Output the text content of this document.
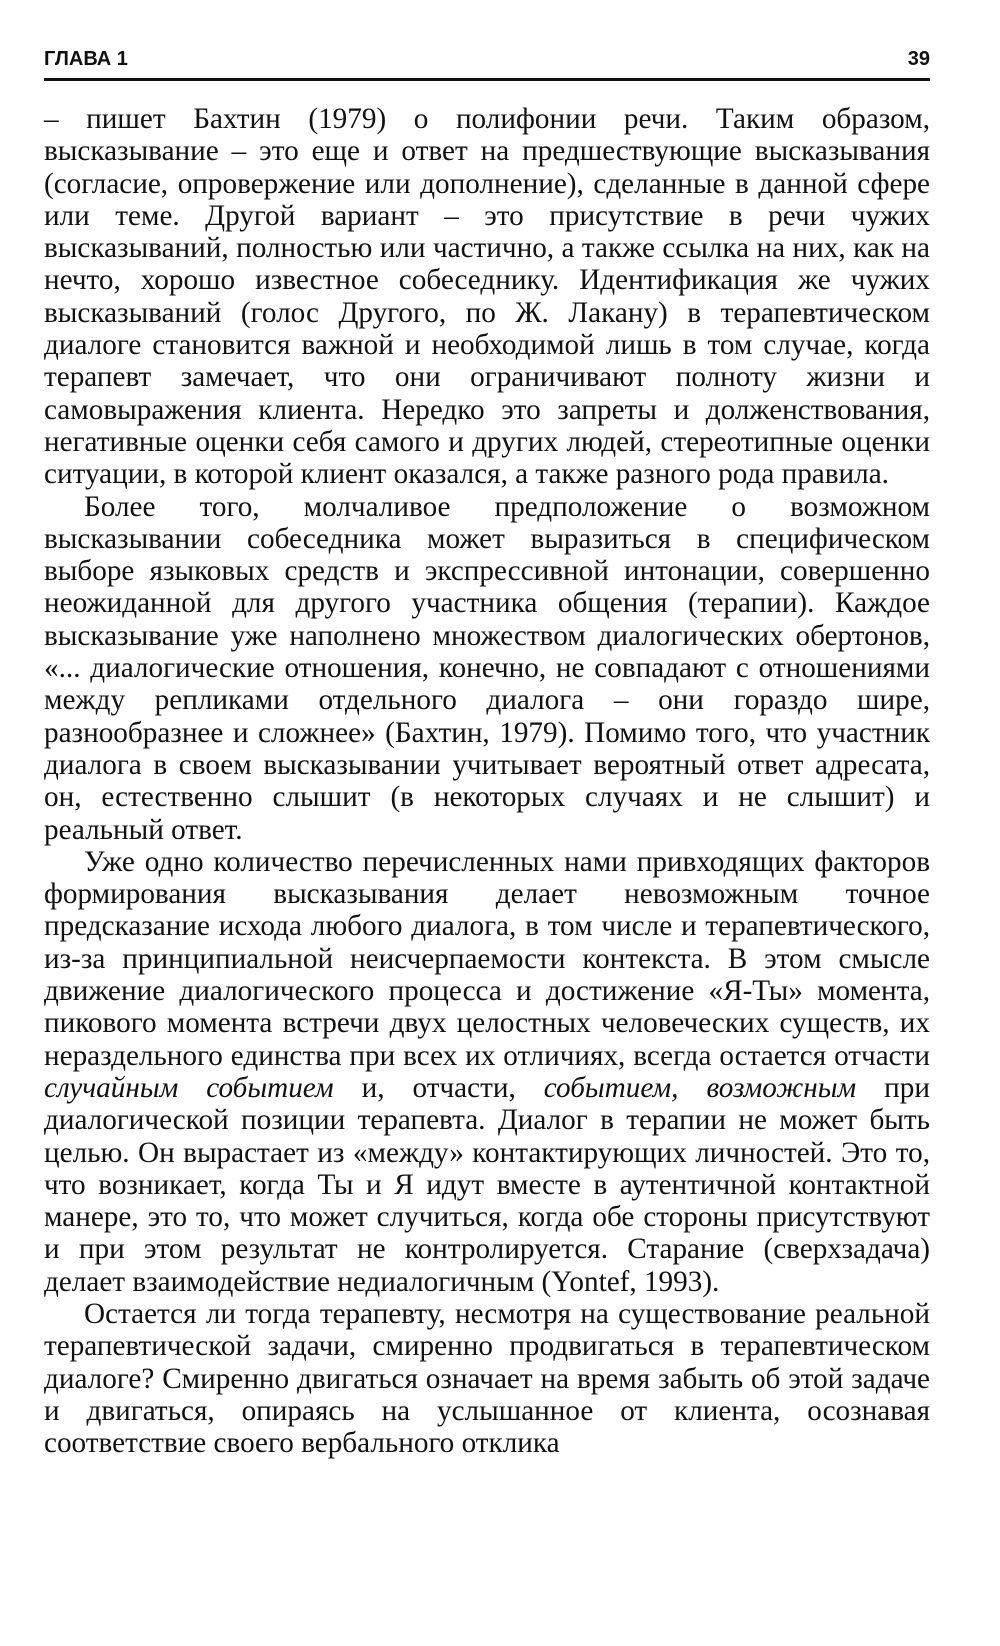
ГЛАВА 1	39

– пишет Бахтин (1979) о полифонии речи. Таким образом, высказывание – это еще и ответ на предшествующие высказывания (согласие, опровержение или дополнение), сделанные в данной сфере или теме. Другой вариант – это присутствие в речи чужих высказываний, полностью или частично, а также ссылка на них, как на нечто, хорошо известное собеседнику. Идентификация же чужих высказываний (голос Другого, по Ж. Лакану) в терапевтическом диалоге становится важной и необходимой лишь в том случае, когда терапевт замечает, что они ограничивают полноту жизни и самовыражения клиента. Нередко это запреты и долженствования, негативные оценки себя самого и других людей, стереотипные оценки ситуации, в которой клиент оказался, а также разного рода правила.

Более того, молчаливое предположение о возможном высказывании собеседника может выразиться в специфическом выборе языковых средств и экспрессивной интонации, совершенно неожиданной для другого участника общения (терапии). Каждое высказывание уже наполнено множеством диалогических обертонов, «... диалогические отношения, конечно, не совпадают с отношениями между репликами отдельного диалога – они гораздо шире, разнообразнее и сложнее» (Бахтин, 1979). Помимо того, что участник диалога в своем высказывании учитывает вероятный ответ адресата, он, естественно слышит (в некоторых случаях и не слышит) и реальный ответ.

Уже одно количество перечисленных нами привходящих факторов формирования высказывания делает невозможным точное предсказание исхода любого диалога, в том числе и терапевтического, из-за принципиальной неисчерпаемости контекста. В этом смысле движение диалогического процесса и достижение «Я-Ты» момента, пикового момента встречи двух целостных человеческих существ, их нераздельного единства при всех их отличиях, всегда остается отчасти случайным событием и, отчасти, событием, возможным при диалогической позиции терапевта. Диалог в терапии не может быть целью. Он вырастает из «между» контактирующих личностей. Это то, что возникает, когда Ты и Я идут вместе в аутентичной контактной манере, это то, что может случиться, когда обе стороны присутствуют и при этом результат не контролируется. Старание (сверхзадача) делает взаимодействие недиалогичным (Yontef, 1993).

Остается ли тогда терапевту, несмотря на существование реальной терапевтической задачи, смиренно продвигаться в терапевтическом диалоге? Смиренно двигаться означает на время забыть об этой задаче и двигаться, опираясь на услышанное от клиента, осознавая соответствие своего вербального отклика
